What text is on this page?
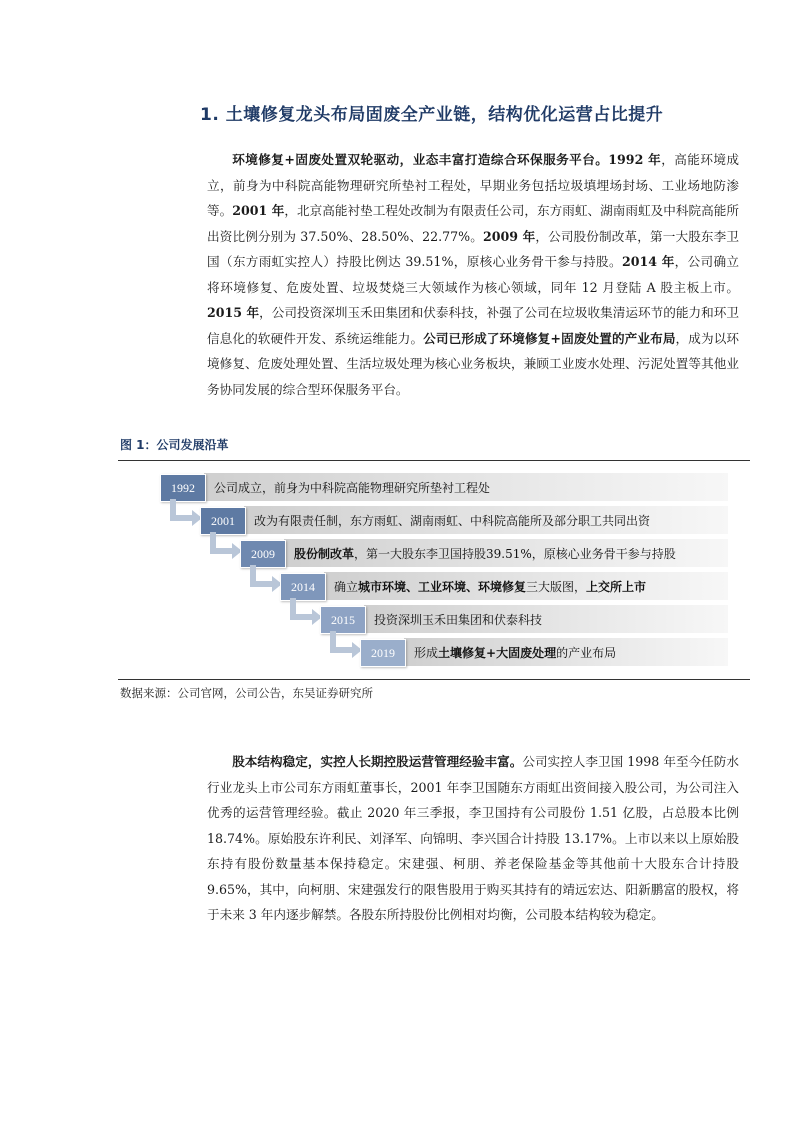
1. 土壤修复龙头布局固废全产业链，结构优化运营占比提升
环境修复+固废处置双轮驱动，业态丰富打造综合环保服务平台。1992 年，高能环境成立，前身为中科院高能物理研究所垫衬工程处，早期业务包括垃圾填埋场封场、工业场地防渗等。2001 年，北京高能衬垫工程处改制为有限责任公司，东方雨虹、湖南雨虹及中科院高能所出资比例分别为 37.50%、28.50%、22.77%。2009 年，公司股份制改革，第一大股东李卫国（东方雨虹实控人）持股比例达 39.51%，原核心业务骨干参与持股。2014 年，公司确立将环境修复、危废处置、垃圾焚烧三大领域作为核心领域，同年 12 月登陆 A 股主板上市。2015 年，公司投资深圳玉禾田集团和伏泰科技，补强了公司在垃圾收集清运环节的能力和环卫信息化的软硬件开发、系统运维能力。公司已形成了环境修复+固废处置的产业布局，成为以环境修复、危废处理处置、生活垃圾处理为核心业务板块，兼顾工业废水处理、污泥处置等其他业务协同发展的综合型环保服务平台。
图 1：公司发展沿革
公司成立，前身为中科院高能物理研究所垫衬工程处
1992
改为有限责任制，东方雨虹、湖南雨虹、中科院高能所及部分职工共同出资
2001
股份制改革，第一大股东李卫国持股39.51%，原核心业务骨干参与持股
2009
确立城市环境、工业环境、环境修复三大版图，上交所上市
2014
投资深圳玉禾田集团和伏泰科技
2015
形成土壤修复+大固废处理的产业布局
2019
数据来源：公司官网，公司公告，东吴证券研究所
股本结构稳定，实控人长期控股运营管理经验丰富。公司实控人李卫国 1998 年至今任防水行业龙头上市公司东方雨虹董事长，2001 年李卫国随东方雨虹出资间接入股公司，为公司注入优秀的运营管理经验。截止 2020 年三季报，李卫国持有公司股份 1.51 亿股，占总股本比例 18.74%。原始股东许利民、刘泽军、向锦明、李兴国合计持股 13.17%。上市以来以上原始股东持有股份数量基本保持稳定。宋建强、柯朋、养老保险基金等其他前十大股东合计持股 9.65%，其中，向柯朋、宋建强发行的限售股用于购买其持有的靖远宏达、阳新鹏富的股权，将于未来 3 年内逐步解禁。各股东所持股份比例相对均衡，公司股本结构较为稳定。
